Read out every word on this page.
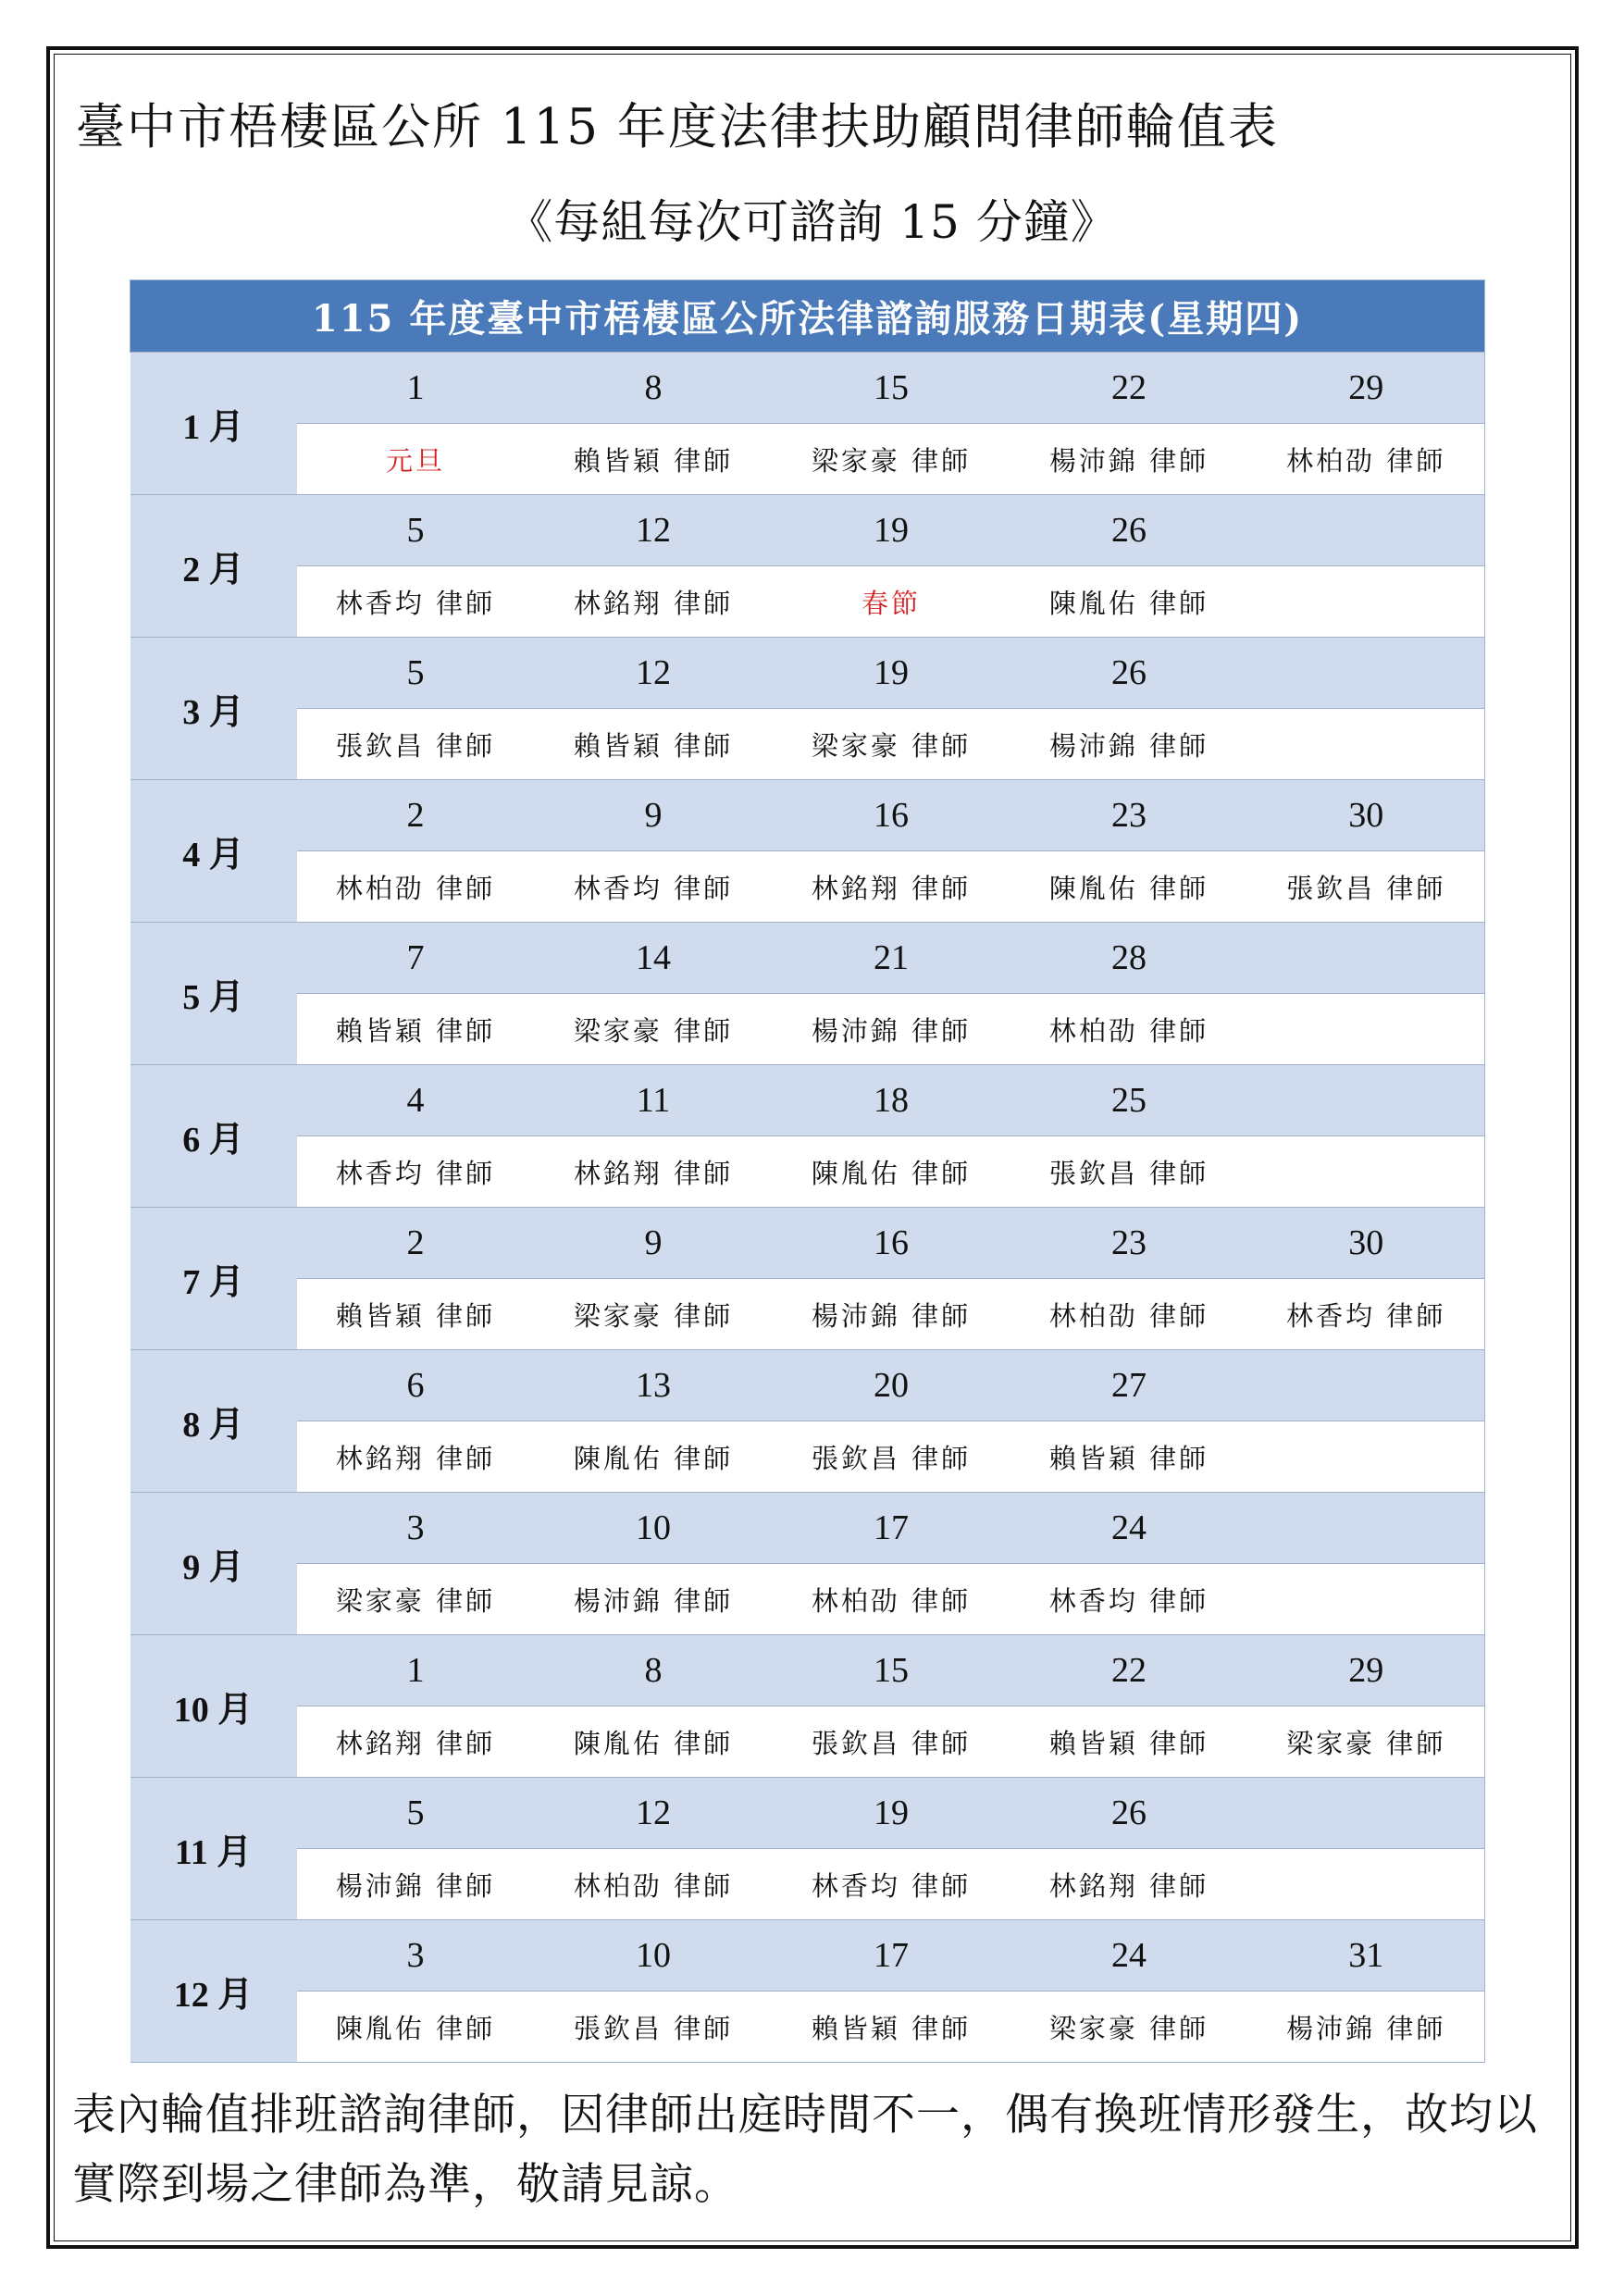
臺中市梧棲區公所 115 年度法律扶助顧問律師輪值表
《每組每次可諮詢 15 分鐘》
115 年度臺中市梧棲區公所法律諮詢服務日期表(星期四)					
1 月	1	8	15	22	29
	元旦	賴皆穎 律師	梁家豪 律師	楊沛錦 律師	林柏劭 律師
2 月	5	12	19	26	
	林香均 律師	林銘翔 律師	春節	陳胤佑 律師	
3 月	5	12	19	26	
	張欽昌 律師	賴皆穎 律師	梁家豪 律師	楊沛錦 律師	
4 月	2	9	16	23	30
	林柏劭 律師	林香均 律師	林銘翔 律師	陳胤佑 律師	張欽昌 律師
5 月	7	14	21	28	
	賴皆穎 律師	梁家豪 律師	楊沛錦 律師	林柏劭 律師	
6 月	4	11	18	25	
	林香均 律師	林銘翔 律師	陳胤佑 律師	張欽昌 律師	
7 月	2	9	16	23	30
	賴皆穎 律師	梁家豪 律師	楊沛錦 律師	林柏劭 律師	林香均 律師
8 月	6	13	20	27	
	林銘翔 律師	陳胤佑 律師	張欽昌 律師	賴皆穎 律師	
9 月	3	10	17	24	
	梁家豪 律師	楊沛錦 律師	林柏劭 律師	林香均 律師	
10 月	1	8	15	22	29
	林銘翔 律師	陳胤佑 律師	張欽昌 律師	賴皆穎 律師	梁家豪 律師
11 月	5	12	19	26	
	楊沛錦 律師	林柏劭 律師	林香均 律師	林銘翔 律師	
12 月	3	10	17	24	31
	陳胤佑 律師	張欽昌 律師	賴皆穎 律師	梁家豪 律師	楊沛錦 律師
表內輪值排班諮詢律師，因律師出庭時間不一，偶有換班情形發生，故均以實際到場之律師為準，敬請見諒。
